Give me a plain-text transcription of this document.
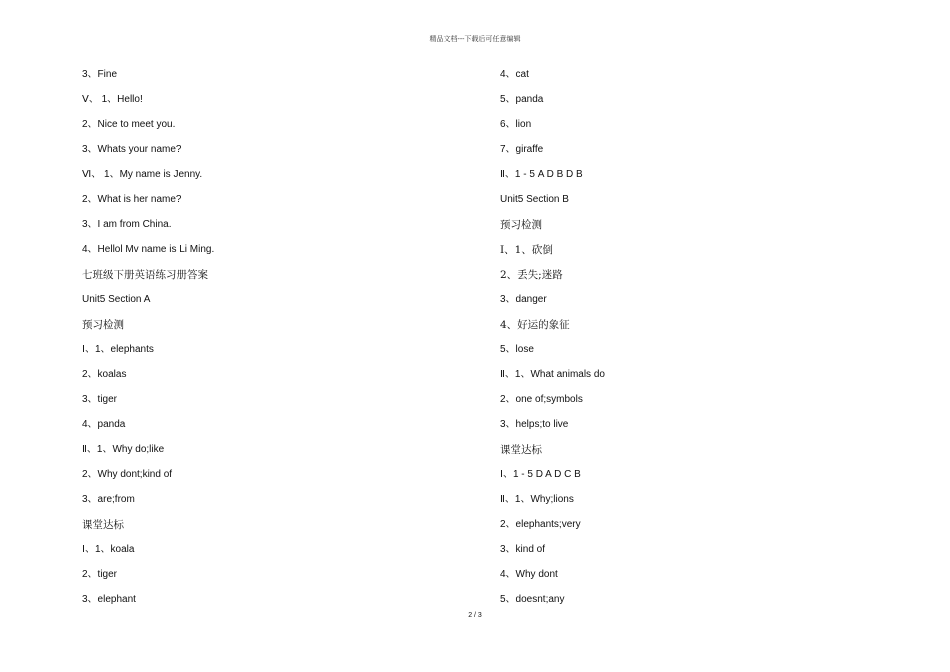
精品文档---下载后可任意编辑
3、Fine
Ⅴ、 1、Hello!
2、Nice to meet you.
3、Whats your name?
Ⅵ、 1、My name is Jenny.
2、What is her name?
3、I am from China.
4、Hellol Mv name is Li Ming.
七班级下册英语练习册答案
Unit5 Section A
预习检测
Ⅰ、1、elephants
2、koalas
3、tiger
4、panda
Ⅱ、1、Why do;like
2、Why dont;kind of
3、are;from
课堂达标
Ⅰ、1、koala
2、tiger
3、elephant
4、cat
5、panda
6、lion
7、giraffe
Ⅱ、1 - 5 A D B D B
Unit5 Section B
预习检测
Ⅰ、1、砍倒
2、丢失;迷路
3、danger
4、好运的象征
5、lose
Ⅱ、1、What animals do
2、one of;symbols
3、helps;to live
课堂达标
Ⅰ、1 - 5 D A D C B
Ⅱ、1、Why;lions
2、elephants;very
3、kind of
4、Why dont
5、doesnt;any
2 / 3
